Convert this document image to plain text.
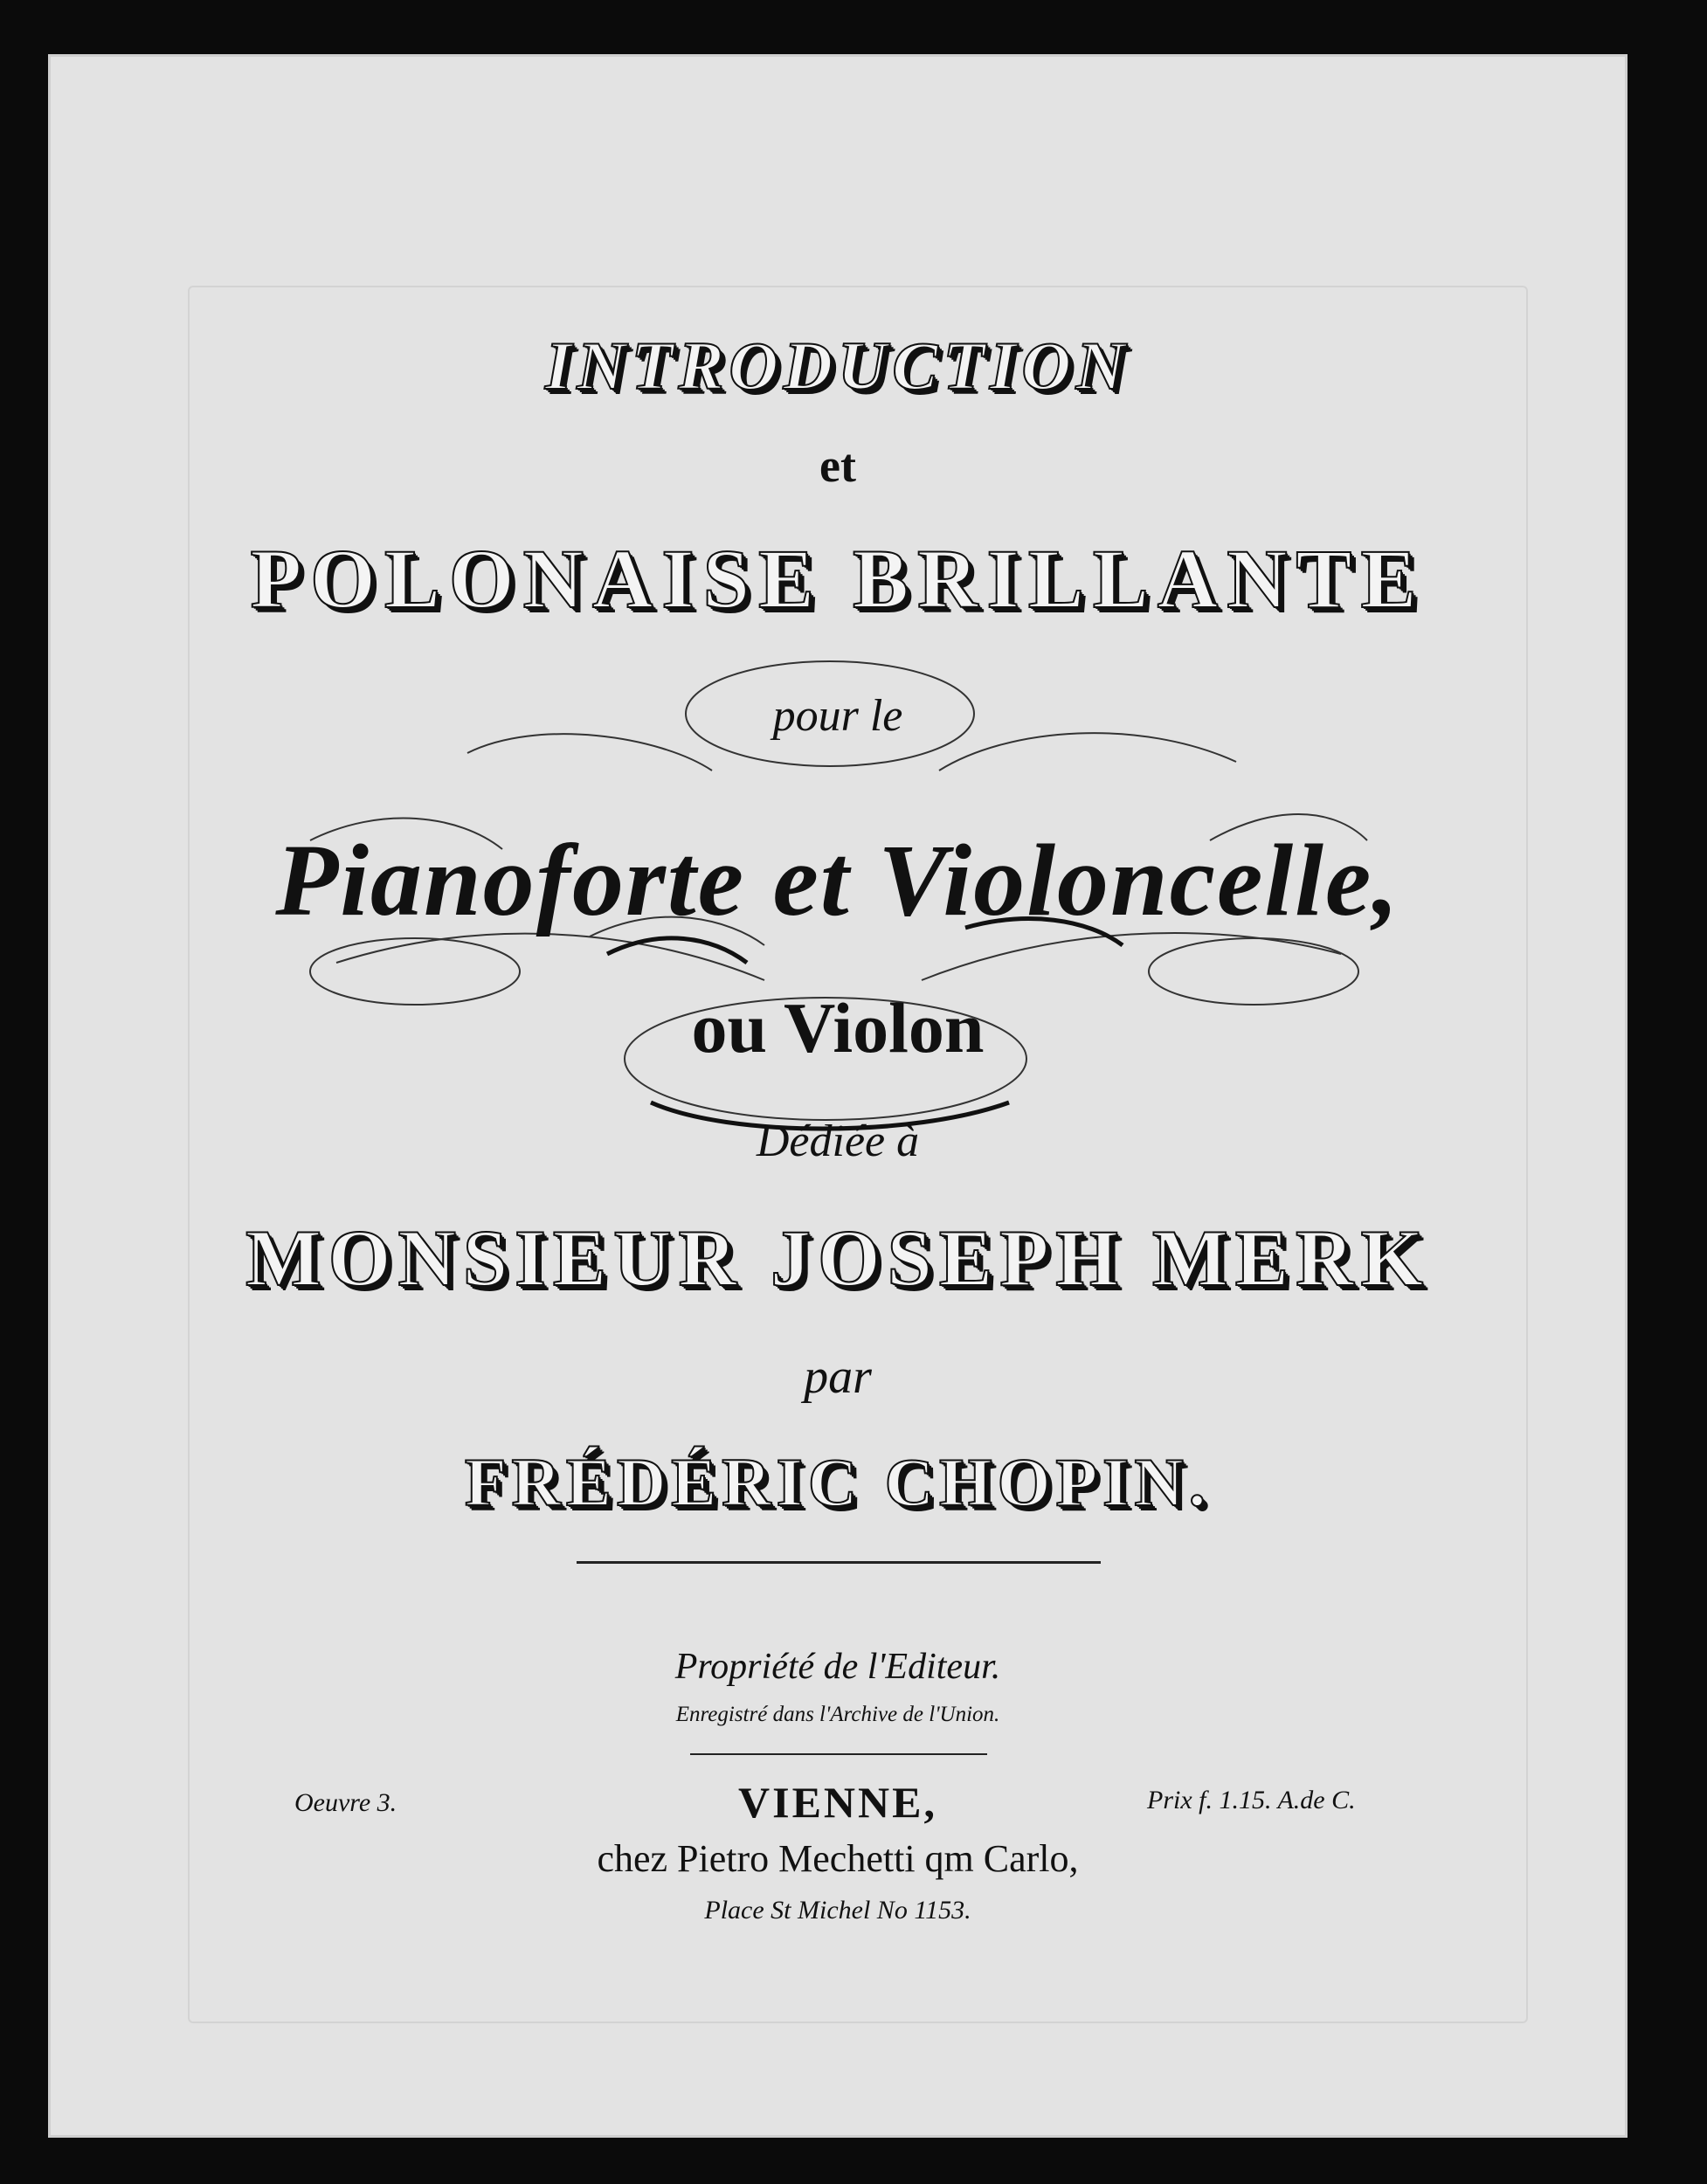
INTRODUCTION
et
POLONAISE BRILLANTE
pour le
Pianoforte et Violoncelle,
ou Violon
Dédiée à
MONSIEUR JOSEPH MERK
par
FRÉDÉRIC CHOPIN.
Propriété de l'Editeur.
Enregistré dans l'Archive de l'Union.
Oeuvre 3.	VIENNE,	Prix f. 1.15. A.de C.
chez Pietro Mechetti qm Carlo,
Place St Michel No 1153.
